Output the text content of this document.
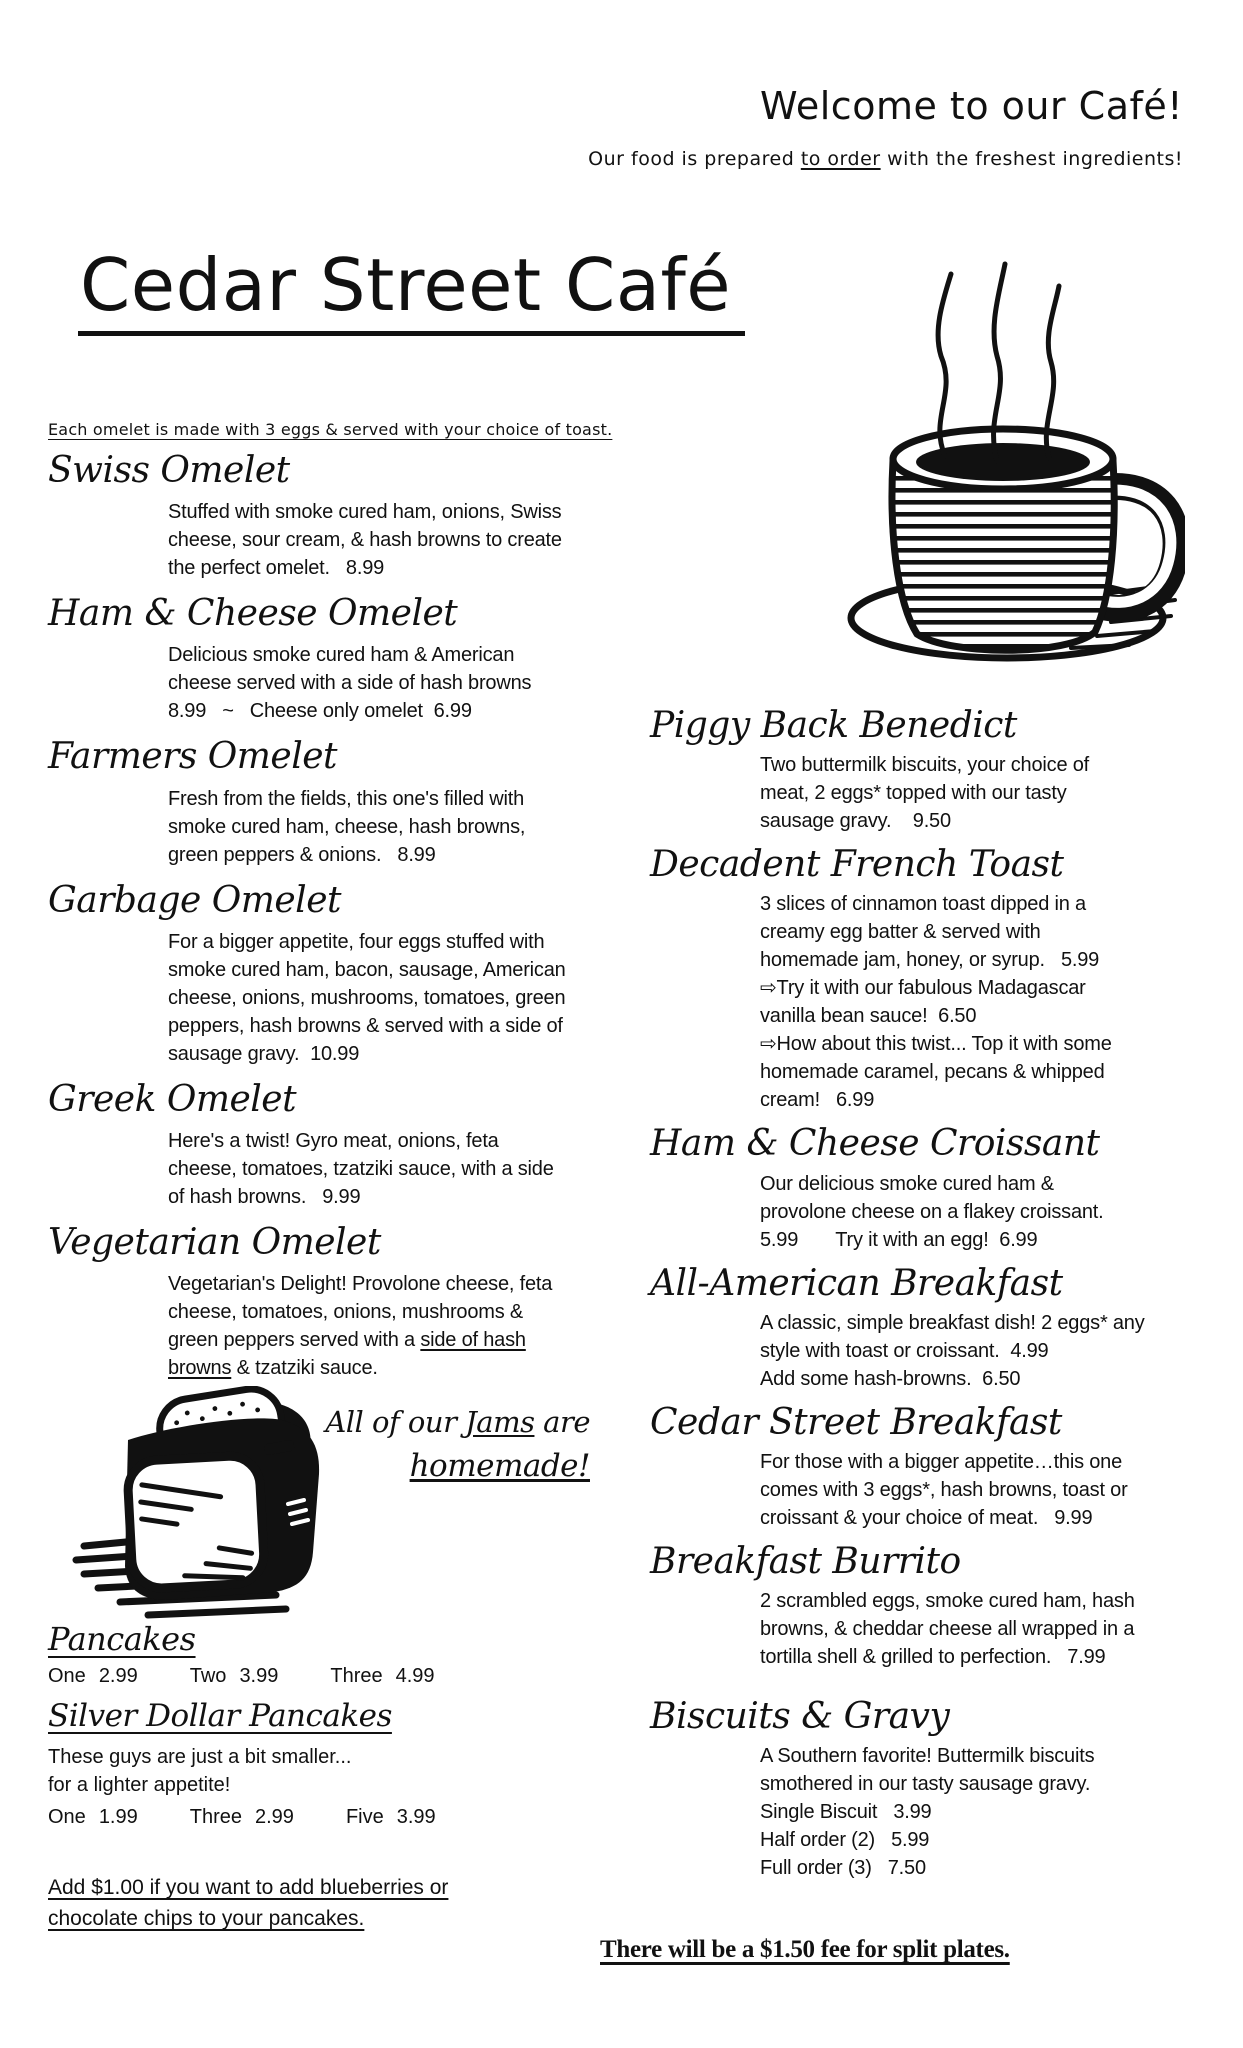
Welcome to our Café!
Our food is prepared to order with the freshest ingredients!
Cedar Street Café
Each omelet is made with 3 eggs & served with your choice of toast.
Swiss Omelet
Stuffed with smoke cured ham, onions, Swiss
cheese, sour cream, & hash browns to create
the perfect omelet.   8.99
Ham & Cheese Omelet
Delicious smoke cured ham & American
cheese served with a side of hash browns
8.99   ~   Cheese only omelet  6.99
Farmers Omelet
Fresh from the fields, this one's filled with
smoke cured ham, cheese, hash browns,
green peppers & onions.   8.99
Garbage Omelet
For a bigger appetite, four eggs stuffed with
smoke cured ham, bacon, sausage, American
cheese, onions, mushrooms, tomatoes, green
peppers, hash browns & served with a side of
sausage gravy.  10.99
Greek Omelet
Here's a twist! Gyro meat, onions, feta
cheese, tomatoes, tzatziki sauce, with a side
of hash browns.   9.99
Vegetarian Omelet
Vegetarian's Delight! Provolone cheese, feta
cheese, tomatoes, onions, mushrooms &
green peppers served with a side of hash
browns & tzatziki sauce.
All of our Jams are
homemade!
Pancakes
One 2.99	Two 3.99	Three 4.99
Silver Dollar Pancakes
These guys are just a bit smaller...
for a lighter appetite!
One 1.99	Three 2.99	Five 3.99
Add $1.00 if you want to add blueberries or
chocolate chips to your pancakes.
Piggy Back Benedict
Two buttermilk biscuits, your choice of
meat, 2 eggs* topped with our tasty
sausage gravy.    9.50
Decadent French Toast
3 slices of cinnamon toast dipped in a
creamy egg batter & served with
homemade jam, honey, or syrup.   5.99
⇨Try it with our fabulous Madagascar
vanilla bean sauce!  6.50
⇨How about this twist... Top it with some
homemade caramel, pecans & whipped
cream!   6.99
Ham & Cheese Croissant
Our delicious smoke cured ham &
provolone cheese on a flakey croissant.
5.99       Try it with an egg!  6.99
All-American Breakfast
A classic, simple breakfast dish! 2 eggs* any
style with toast or croissant.  4.99
Add some hash-browns.  6.50
Cedar Street Breakfast
For those with a bigger appetite…this one
comes with 3 eggs*, hash browns, toast or
croissant & your choice of meat.   9.99
Breakfast Burrito
2 scrambled eggs, smoke cured ham, hash
browns, & cheddar cheese all wrapped in a
tortilla shell & grilled to perfection.   7.99
Biscuits & Gravy
A Southern favorite! Buttermilk biscuits
smothered in our tasty sausage gravy.
Single Biscuit   3.99
Half order (2)   5.99
Full order (3)   7.50
There will be a $1.50 fee for split plates.
